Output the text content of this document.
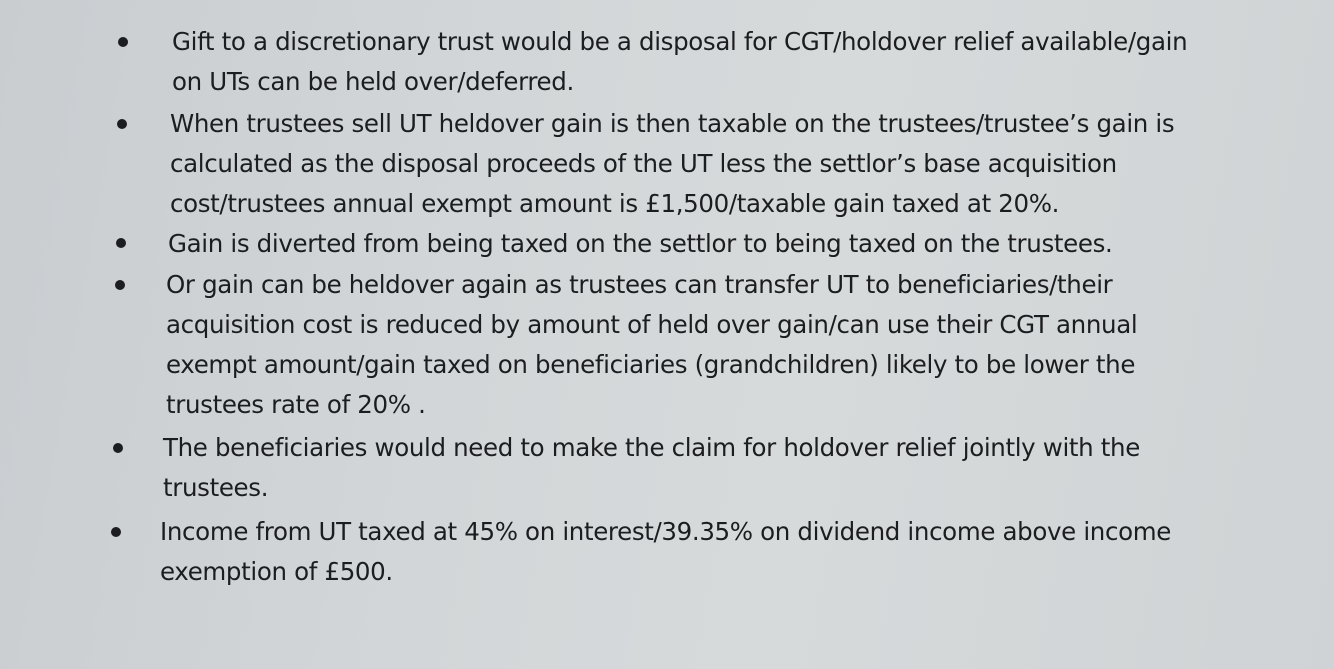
Gift to a discretionary trust would be a disposal for CGT/holdover relief available/gain
on UTs can be held over/deferred.
When trustees sell UT heldover gain is then taxable on the trustees/trustee’s gain is
calculated as the disposal proceeds of the UT less the settlor’s base acquisition
cost/trustees annual exempt amount is £1,500/taxable gain taxed at 20%.
Gain is diverted from being taxed on the settlor to being taxed on the trustees.
Or gain can be heldover again as trustees can transfer UT to beneficiaries/their
acquisition cost is reduced by amount of held over gain/can use their CGT annual
exempt amount/gain taxed on beneficiaries (grandchildren) likely to be lower the
trustees rate of 20% .
The beneficiaries would need to make the claim for holdover relief jointly with the
trustees.
Income from UT taxed at 45% on interest/39.35% on dividend income above income
exemption of £500.
